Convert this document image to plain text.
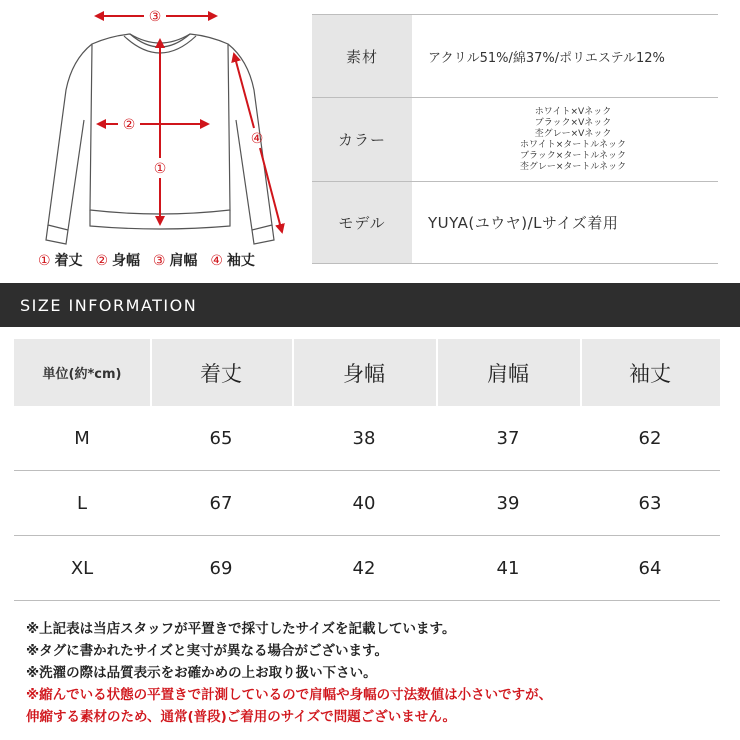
③
②
①
④
① 着丈 ② 身幅 ③ 肩幅 ④ 袖丈
素材	アクリル51%/綿37%/ポリエステル12%
カラー
ホワイト×Vネック
ブラック×Vネック
杢グレー×Vネック
ホワイト×タートルネック
ブラック×タートルネック
杢グレー×タートルネック
モデル	YUYA(ユウヤ)/Lサイズ着用
SIZE INFORMATION
単位(約*cm)	着丈	身幅	肩幅	袖丈
M	65	38	37	62
L	67	40	39	63
XL	69	42	41	64
※上記表は当店スタッフが平置きで採寸したサイズを記載しています。
※タグに書かれたサイズと実寸が異なる場合がございます。
※洗濯の際は品質表示をお確かめの上お取り扱い下さい。
※縮んでいる状態の平置きで計測しているので肩幅や身幅の寸法数値は小さいですが、
伸縮する素材のため、通常(普段)ご着用のサイズで問題ございません。
